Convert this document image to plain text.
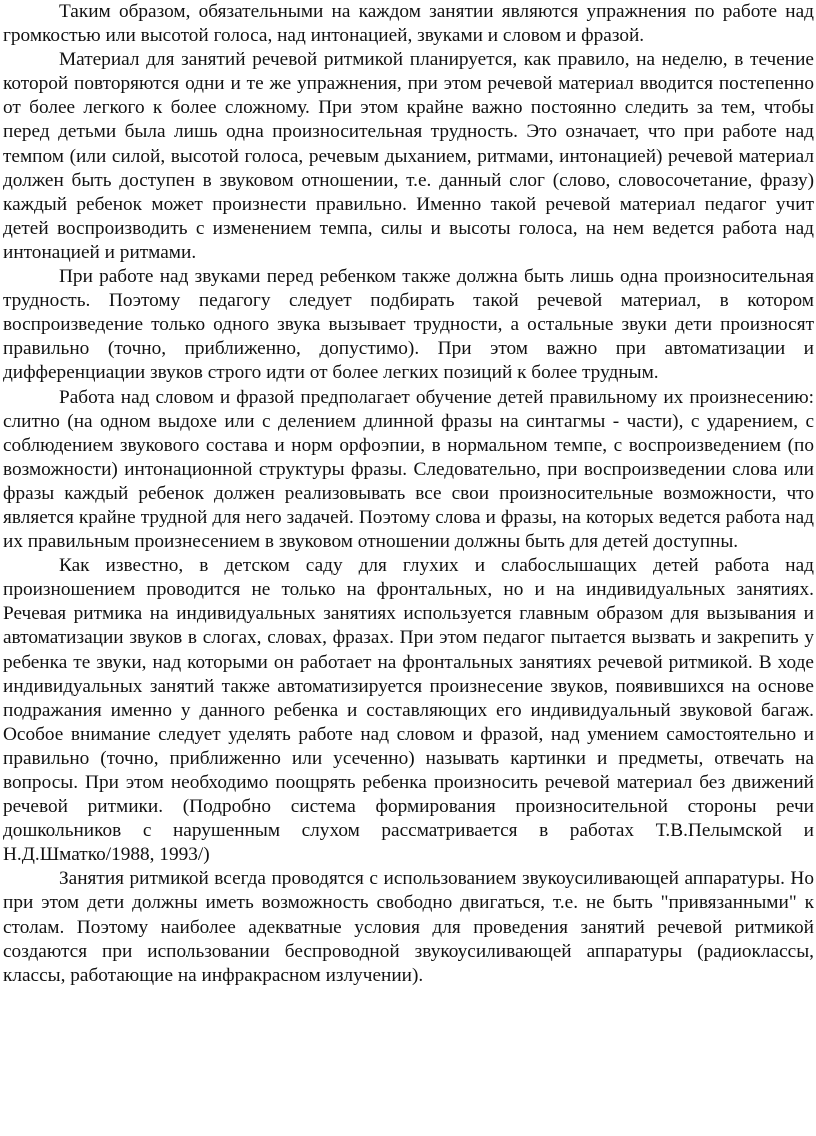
Таким образом, обязательными на каждом занятии являются упражнения по работе над громкостью или высотой голоса, над интонацией, звуками и словом и фразой.

Материал для занятий речевой ритмикой планируется, как правило, на неделю, в течение которой повторяются одни и те же упражнения, при этом речевой материал вводится постепенно от более легкого к более сложному. При этом крайне важно постоянно следить за тем, чтобы перед детьми была лишь одна произносительная трудность. Это означает, что при работе над темпом (или силой, высотой голоса, речевым дыханием, ритмами, интонацией) речевой материал должен быть доступен в звуковом отношении, т.е. данный слог (слово, словосочетание, фразу) каждый ребенок может произнести правильно. Именно такой речевой материал педагог учит детей воспроизводить с изменением темпа, силы и высоты голоса, на нем ведется работа над интонацией и ритмами.

При работе над звуками перед ребенком также должна быть лишь одна произносительная трудность. Поэтому педагогу следует подбирать такой речевой материал, в котором воспроизведение только одного звука вызывает трудности, а остальные звуки дети произносят правильно (точно, приближенно, допустимо). При этом важно при автоматизации и дифференциации звуков строго идти от более легких позиций к более трудным.

Работа над словом и фразой предполагает обучение детей правильному их произнесению: слитно (на одном выдохе или с делением длинной фразы на синтагмы - части), с ударением, с соблюдением звукового состава и норм орфоэпии, в нормальном темпе, с воспроизведением (по возможности) интонационной структуры фразы. Следовательно, при воспроизведении слова или фразы каждый ребенок должен реализовывать все свои произносительные возможности, что является крайне трудной для него задачей. Поэтому слова и фразы, на которых ведется работа над их правильным произнесением в звуковом отношении должны быть для детей доступны.

Как известно, в детском саду для глухих и слабослышащих детей работа над произношением проводится не только на фронтальных, но и на индивидуальных занятиях. Речевая ритмика на индивидуальных занятиях используется главным образом для вызывания и автоматизации звуков в слогах, словах, фразах. При этом педагог пытается вызвать и закрепить у ребенка те звуки, над которыми он работает на фронтальных занятиях речевой ритмикой. В ходе индивидуальных занятий также автоматизируется произнесение звуков, появившихся на основе подражания именно у данного ребенка и составляющих его индивидуальный звуковой багаж. Особое внимание следует уделять работе над словом и фразой, над умением самостоятельно и правильно (точно, приближенно или усеченно) называть картинки и предметы, отвечать на вопросы. При этом необходимо поощрять ребенка произносить речевой материал без движений речевой ритмики. (Подробно система формирования произносительной стороны речи дошкольников с нарушенным слухом рассматривается в работах Т.В.Пелымской и Н.Д.Шматко/1988, 1993/)

Занятия ритмикой всегда проводятся с использованием звукоусиливающей аппаратуры. Но при этом дети должны иметь возможность свободно двигаться, т.е. не быть "привязанными" к столам. Поэтому наиболее адекватные условия для проведения занятий речевой ритмикой создаются при использовании беспроводной звукоусиливающей аппаратуры (радиоклассы, классы, работающие на инфракрасном излучении).
